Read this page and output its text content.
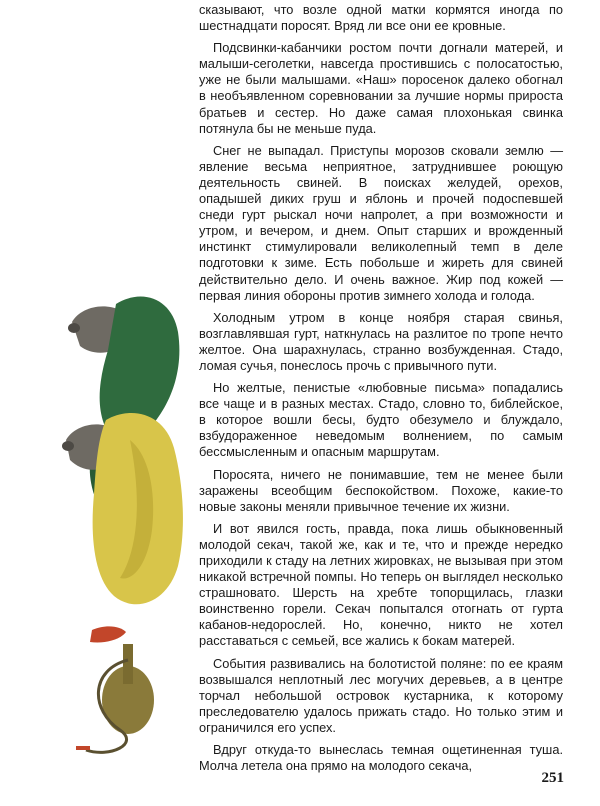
сказывают, что возле одной матки кормятся иногда по шестнадцати поросят. Вряд ли все они ее кровные.

Подсвинки-кабанчики ростом почти догнали матерей, и малыши-сеголетки, навсегда простившись с полосатостью, уже не были малышами. «Наш» поросенок далеко обогнал в необъявленном соревновании за лучшие нормы прироста братьев и сестер. Но даже самая плохонькая свинка потянула бы не меньше пуда.

Снег не выпадал. Приступы морозов сковали землю — явление весьма неприятное, затруднившее роющую деятельность свиней. В поисках желудей, орехов, опадышей диких груш и яблонь и прочей подоспевшей снеди гурт рыскал ночи напролет, а при возможности и утром, и вечером, и днем. Опыт старших и врожденный инстинкт стимулировали великолепный темп в деле подготовки к зиме. Есть побольше и жиреть для свиней действительно дело. И очень важное. Жир под кожей — первая линия обороны против зимнего холода и голода.

Холодным утром в конце ноября старая свинья, возглавлявшая гурт, наткнулась на разлитое по тропе нечто желтое. Она шарахнулась, странно возбужденная. Стадо, ломая сучья, понеслось прочь с привычного пути.

Но желтые, пенистые «любовные письма» попадались все чаще и в разных местах. Стадо, словно то, библейское, в которое вошли бесы, будто обезумело и блуждало, взбудораженное неведомым волнением, по самым бессмысленным и опасным маршрутам.

Поросята, ничего не понимавшие, тем не менее были заражены всеобщим беспокойством. Похоже, какие-то новые законы меняли привычное течение их жизни.

И вот явился гость, правда, пока лишь обыкновенный молодой секач, такой же, как и те, что и прежде нередко приходили к стаду на летних жировках, не вызывая при этом никакой встречной помпы. Но теперь он выглядел несколько страшновато. Шерсть на хребте топорщилась, глазки воинственно горели. Секач попытался отогнать от гурта кабанов-недорослей. Но, конечно, никто не хотел расставаться с семьей, все жались к бокам матерей.

События развивались на болотистой поляне: по ее краям возвышался неплотный лес могучих деревьев, а в центре торчал небольшой островок кустарника, к которому преследователю удалось прижать стадо. Но только этим и ограничился его успех.

Вдруг откуда-то вынеслась темная ощетиненная туша. Молча летела она прямо на молодого секача,

251
